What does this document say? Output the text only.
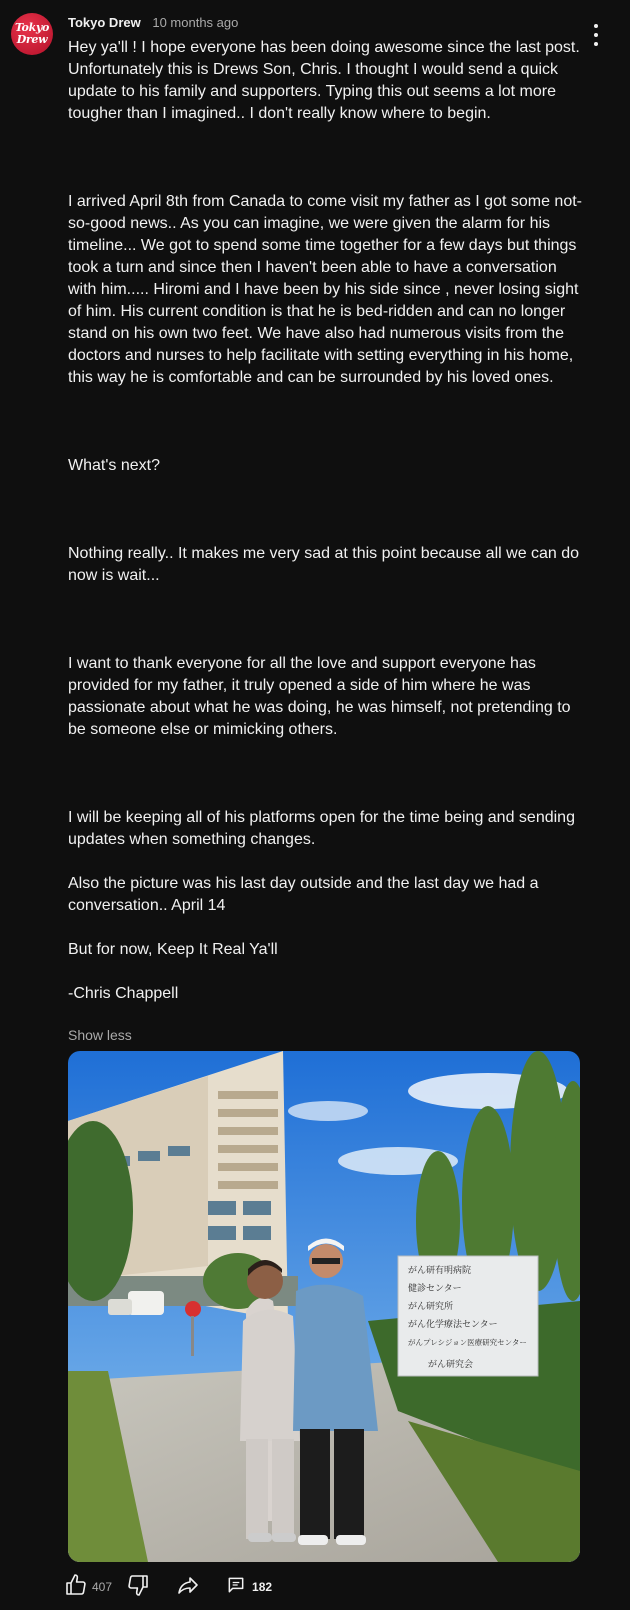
Tokyo
Drew
Tokyo Drew 10 months ago

Hey ya'll ! I hope everyone has been doing awesome since the last post. Unfortunately this is Drews Son, Chris. I thought I would send a quick update to his family and supporters. Typing this out seems a lot more tougher than I imagined.. I don't really know where to begin.

I arrived April 8th from Canada to come visit my father as I got some not-so-good news.. As you can imagine, we were given the alarm for his timeline... We got to spend some time together for a few days but things took a turn and since then I haven't been able to have a conversation with him..... Hiromi and I have been by his side since , never losing sight of him. His current condition is that he is bed-ridden and can no longer stand on his own two feet. We have also had numerous visits from the doctors and nurses to help facilitate with setting everything in his home, this way he is comfortable and can be surrounded by his loved ones.

What's next?

Nothing really.. It makes me very sad at this point because all we can do now is wait...

I want to thank everyone for all the love and support everyone has provided for my father, it truly opened a side of him where he was passionate about what he was doing, he was himself, not pretending to be someone else or mimicking others.

I will be keeping all of his platforms open for the time being and sending updates when something changes.

Also the picture was his last day outside and the last day we had a conversation.. April 14

But for now, Keep It Real Ya'll

-Chris Chappell

Show less
がん研有明病院
健診センター
がん研究所
がん化学療法センター
がんプレシジョン医療研究センター
がん研究会
407	182
